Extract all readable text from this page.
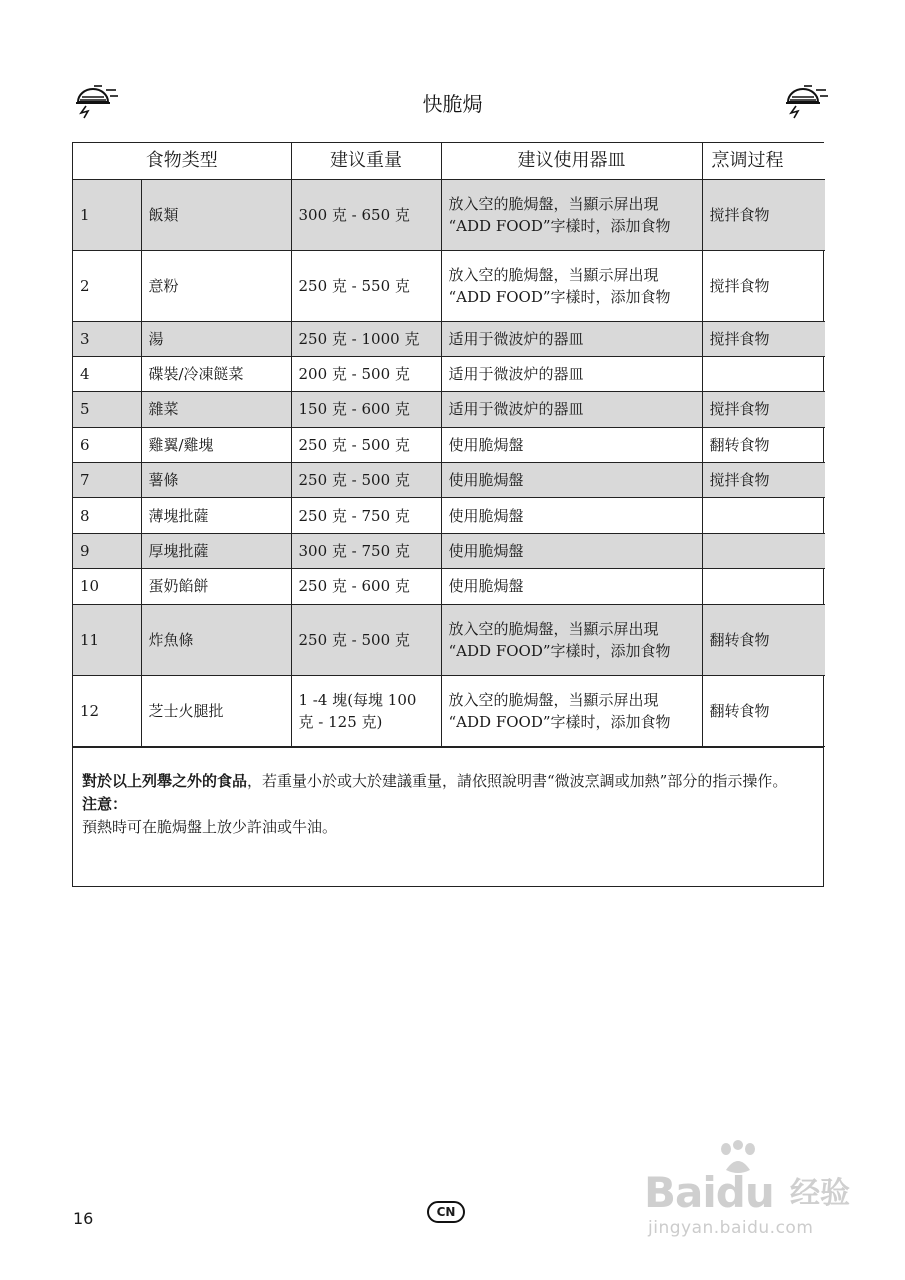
快脆焗
食物类型		建议重量	建议使用器皿	烹调过程
1	飯類	300 克 - 650 克	放入空的脆焗盤，当顯示屏出現 “ADD FOOD”字樣时，添加食物	搅拌食物
2	意粉	250 克 - 550 克	放入空的脆焗盤，当顯示屏出現 “ADD FOOD”字樣时，添加食物	搅拌食物
3	湯	250 克 - 1000 克	适用于微波炉的器皿	搅拌食物
4	碟裝/冷凍餸菜	200 克 - 500 克	适用于微波炉的器皿	
5	雜菜	150 克 - 600 克	适用于微波炉的器皿	搅拌食物
6	雞翼/雞塊	250 克 - 500 克	使用脆焗盤	翻转食物
7	薯條	250 克 - 500 克	使用脆焗盤	搅拌食物
8	薄塊批薩	250 克 - 750 克	使用脆焗盤	
9	厚塊批薩	300 克 - 750 克	使用脆焗盤	
10	蛋奶餡餅	250 克 - 600 克	使用脆焗盤	
11	炸魚條	250 克 - 500 克	放入空的脆焗盤，当顯示屏出現 “ADD FOOD”字樣时，添加食物	翻转食物
12	芝士火腿批	1 -4 塊(每塊 100 克 - 125 克)	放入空的脆焗盤，当顯示屏出現 “ADD FOOD”字樣时，添加食物	翻转食物
對於以上列舉之外的食品，若重量小於或大於建議重量，請依照說明書“微波烹調或加熱”部分的指示操作。
注意：
預熱時可在脆焗盤上放少許油或牛油。
16	CN	Baidu 经验
jingyan.baidu.com
